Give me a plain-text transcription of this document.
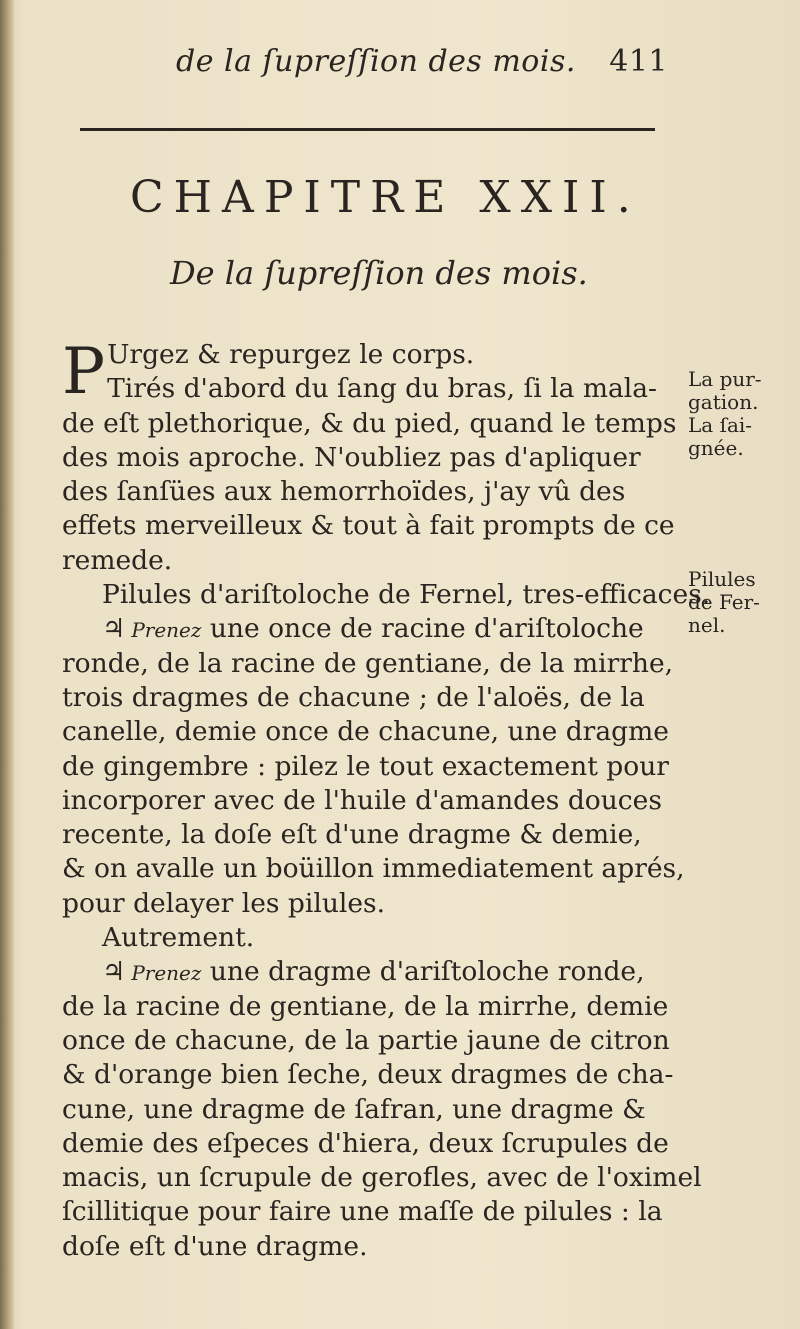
de la ſupreſſion des mois. 411
CHAPITRE XXII.
De la ſupreſſion des mois.
P Urgez & repurgez le corps.
Tirés d'abord du ſang du bras, ſi la mala-
de eſt plethorique, & du pied, quand le temps
des mois aproche. N'oubliez pas d'apliquer
des ſanſües aux hemorrhoïdes, j'ay vû des
effets merveilleux & tout à fait prompts de ce
remede.
Pilules d'ariſtoloche de Fernel, tres-efficaces.
♃ Prenez une once de racine d'ariſtoloche
ronde, de la racine de gentiane, de la mirrhe,
trois dragmes de chacune ; de l'aloës, de la
canelle, demie once de chacune, une dragme
de gingembre : pilez le tout exactement pour
incorporer avec de l'huile d'amandes douces
recente, la doſe eſt d'une dragme & demie,
& on avalle un boüillon immediatement aprés,
pour delayer les pilules.
Autrement.
♃ Prenez une dragme d'ariſtoloche ronde,
de la racine de gentiane, de la mirrhe, demie
once de chacune, de la partie jaune de citron
& d'orange bien ſeche, deux dragmes de cha-
cune, une dragme de ſafran, une dragme &
demie des eſpeces d'hiera, deux ſcrupules de
macis, un ſcrupule de gerofles, avec de l'oximel
ſcillitique pour faire une maſſe de pilules : la
doſe eſt d'une dragme.
La pur-
gation.
La ſai-
gnée.
Pilules
de Fer-
nel.
